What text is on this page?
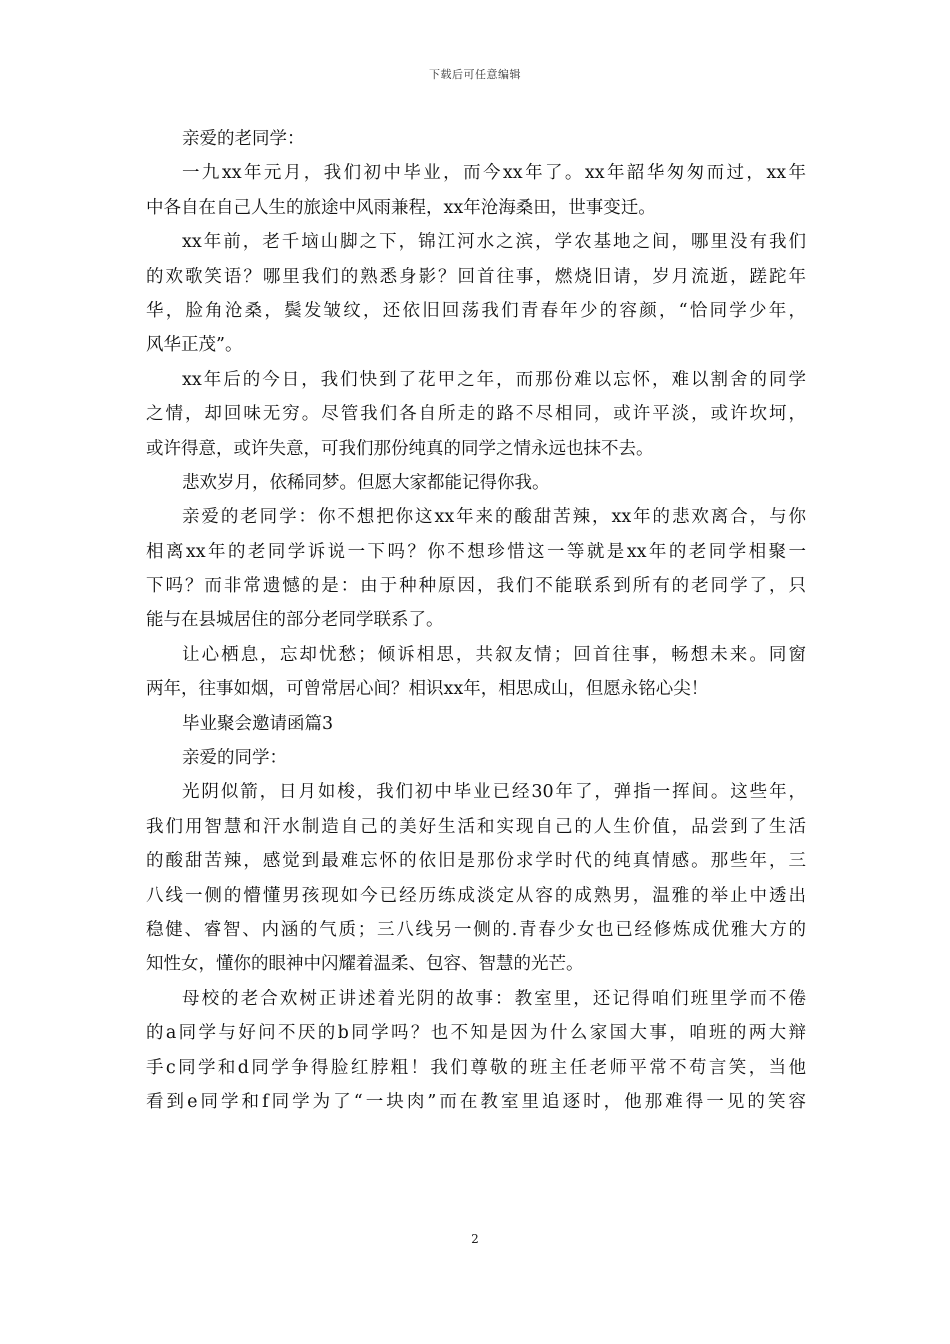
下载后可任意编辑
亲爱的老同学：
一九xx年元月，我们初中毕业，而今xx年了。xx年韶华匆匆而过，xx年
中各自在自己人生的旅途中风雨兼程，xx年沧海桑田，世事变迁。
xx年前，老千垴山脚之下，锦江河水之滨，学农基地之间，哪里没有我们
的欢歌笑语？哪里我们的熟悉身影？回首往事，燃烧旧请，岁月流逝，蹉跎年
华，脸角沧桑，鬓发皱纹，还依旧回荡我们青春年少的容颜，“恰同学少年，
风华正茂”。
xx年后的今日，我们快到了花甲之年，而那份难以忘怀，难以割舍的同学
之情，却回味无穷。尽管我们各自所走的路不尽相同，或许平淡，或许坎坷，
或许得意，或许失意，可我们那份纯真的同学之情永远也抹不去。
悲欢岁月，依稀同梦。但愿大家都能记得你我。
亲爱的老同学：你不想把你这xx年来的酸甜苦辣，xx年的悲欢离合，与你
相离xx年的老同学诉说一下吗？你不想珍惜这一等就是xx年的老同学相聚一
下吗？而非常遗憾的是：由于种种原因，我们不能联系到所有的老同学了，只
能与在县城居住的部分老同学联系了。
让心栖息，忘却忧愁；倾诉相思，共叙友情；回首往事，畅想未来。同窗
两年，往事如烟，可曾常居心间？相识xx年，相思成山，但愿永铭心尖！
毕业聚会邀请函篇3
亲爱的同学：
光阴似箭，日月如梭，我们初中毕业已经30年了，弹指一挥间。这些年，
我们用智慧和汗水制造自己的美好生活和实现自己的人生价值，品尝到了生活
的酸甜苦辣，感觉到最难忘怀的依旧是那份求学时代的纯真情感。那些年，三
八线一侧的懵懂男孩现如今已经历练成淡定从容的成熟男，温雅的举止中透出
稳健、睿智、内涵的气质；三八线另一侧的.青春少女也已经修炼成优雅大方的
知性女，懂你的眼神中闪耀着温柔、包容、智慧的光芒。
母校的老合欢树正讲述着光阴的故事：教室里，还记得咱们班里学而不倦
的a同学与好问不厌的b同学吗？也不知是因为什么家国大事，咱班的两大辩
手c同学和d同学争得脸红脖粗！我们尊敬的班主任老师平常不苟言笑，当他
看到e同学和f同学为了“一块肉”而在教室里追逐时，他那难得一见的笑容
2
